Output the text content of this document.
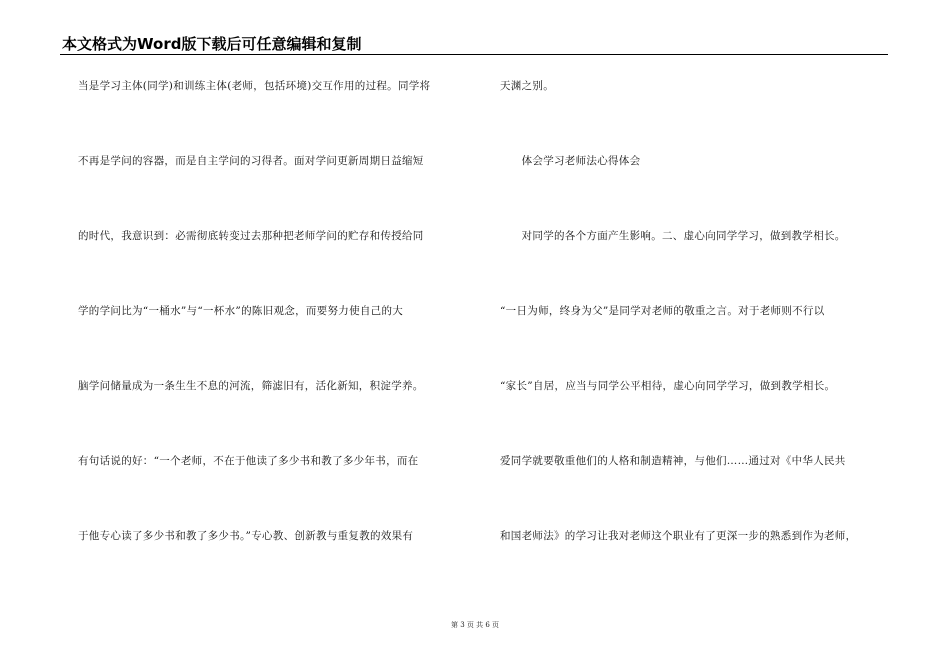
本文格式为Word版下载后可任意编辑和复制
当是学习主体(同学)和训练主体(老师，包括环境)交互作用的过程。同学将
不再是学问的容器，而是自主学问的习得者。面对学问更新周期日益缩短
的时代，我意识到：必需彻底转变过去那种把老师学问的贮存和传授给同
学的学问比为“一桶水”与“一杯水”的陈旧观念，而要努力使自己的大
脑学问储量成为一条生生不息的河流，筛滤旧有，活化新知，积淀学养。
有句话说的好：“一个老师，不在于他读了多少书和教了多少年书，而在
于他专心读了多少书和教了多少书。”专心教、创新教与重复教的效果有
天渊之别。
　　体会学习老师法心得体会
　　对同学的各个方面产生影响。二、虚心向同学学习，做到教学相长。
“一日为师，终身为父”是同学对老师的敬重之言。对于老师则不行以
“家长”自居，应当与同学公平相待，虚心向同学学习，做到教学相长。
爱同学就要敬重他们的人格和制造精神，与他们……通过对《中华人民共
和国老师法》的学习让我对老师这个职业有了更深一步的熟悉到作为老师，
第 3 页 共 6 页
